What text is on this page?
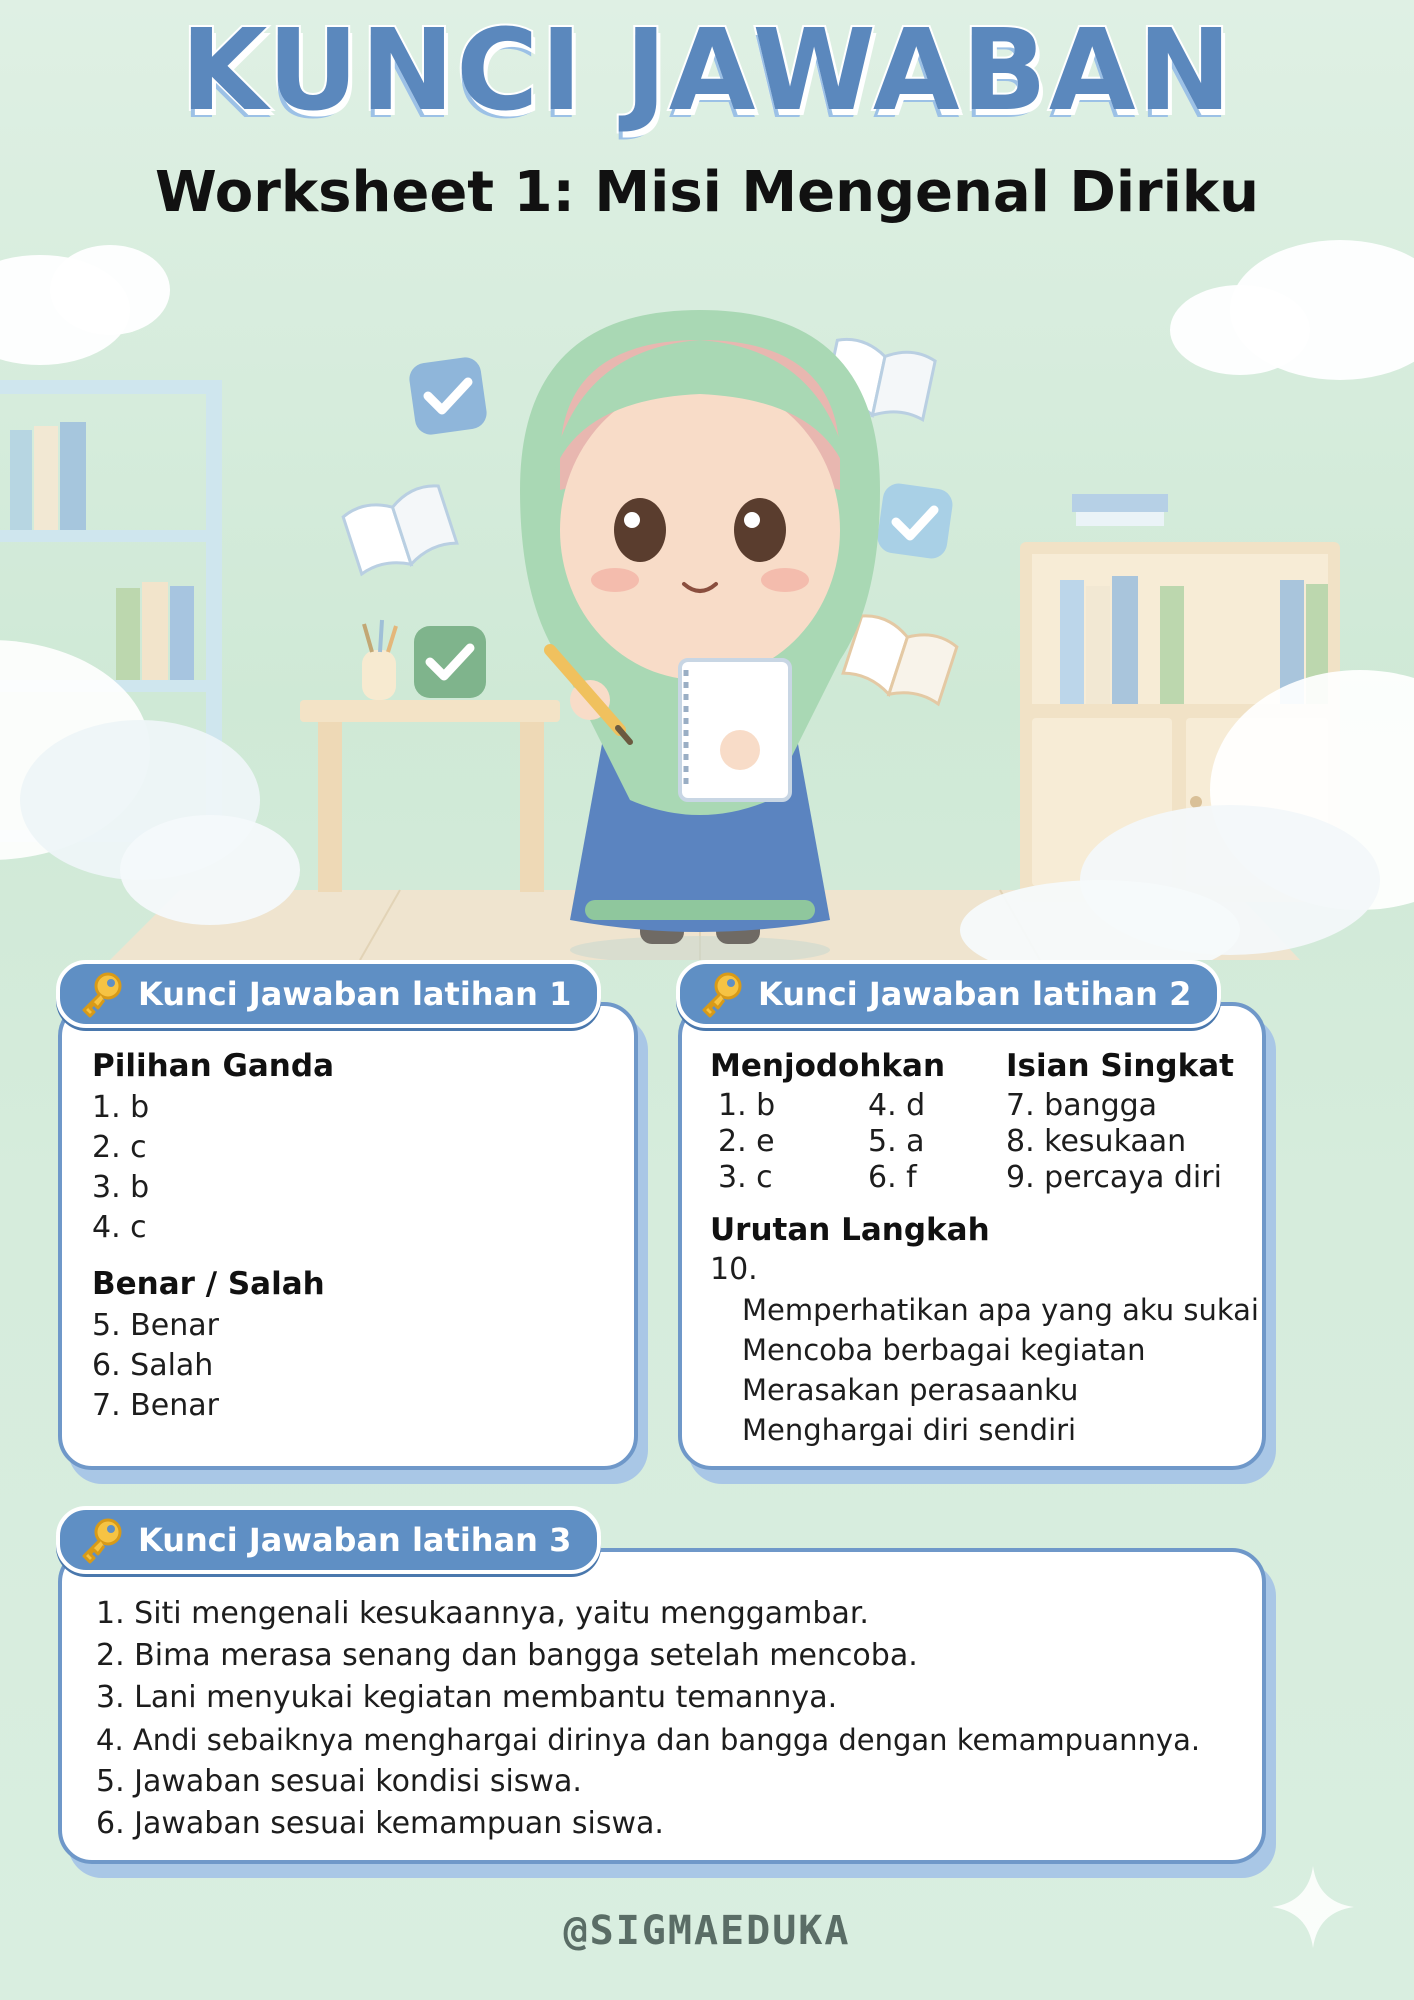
KUNCI JAWABAN
Worksheet 1: Misi Mengenal Diriku
Pilihan Ganda
1. b
2. c
3. b
4. c
Benar / Salah
5. Benar
6. Salah
7. Benar
Kunci Jawaban latihan 1
Menjodohkan
1. b
2. e
3. c
4. d
5. a
6. f
Isian Singkat
7. bangga
8. kesukaan
9. percaya diri
Urutan Langkah
10.
Memperhatikan apa yang aku sukai
Mencoba berbagai kegiatan
Merasakan perasaanku
Menghargai diri sendiri
Kunci Jawaban latihan 2
1. Siti mengenali kesukaannya, yaitu menggambar.
2. Bima merasa senang dan bangga setelah mencoba.
3. Lani menyukai kegiatan membantu temannya.
4. Andi sebaiknya menghargai dirinya dan bangga dengan kemampuannya.
5. Jawaban sesuai kondisi siswa.
6. Jawaban sesuai kemampuan siswa.
Kunci Jawaban latihan 3
@SIGMAEDUKA
